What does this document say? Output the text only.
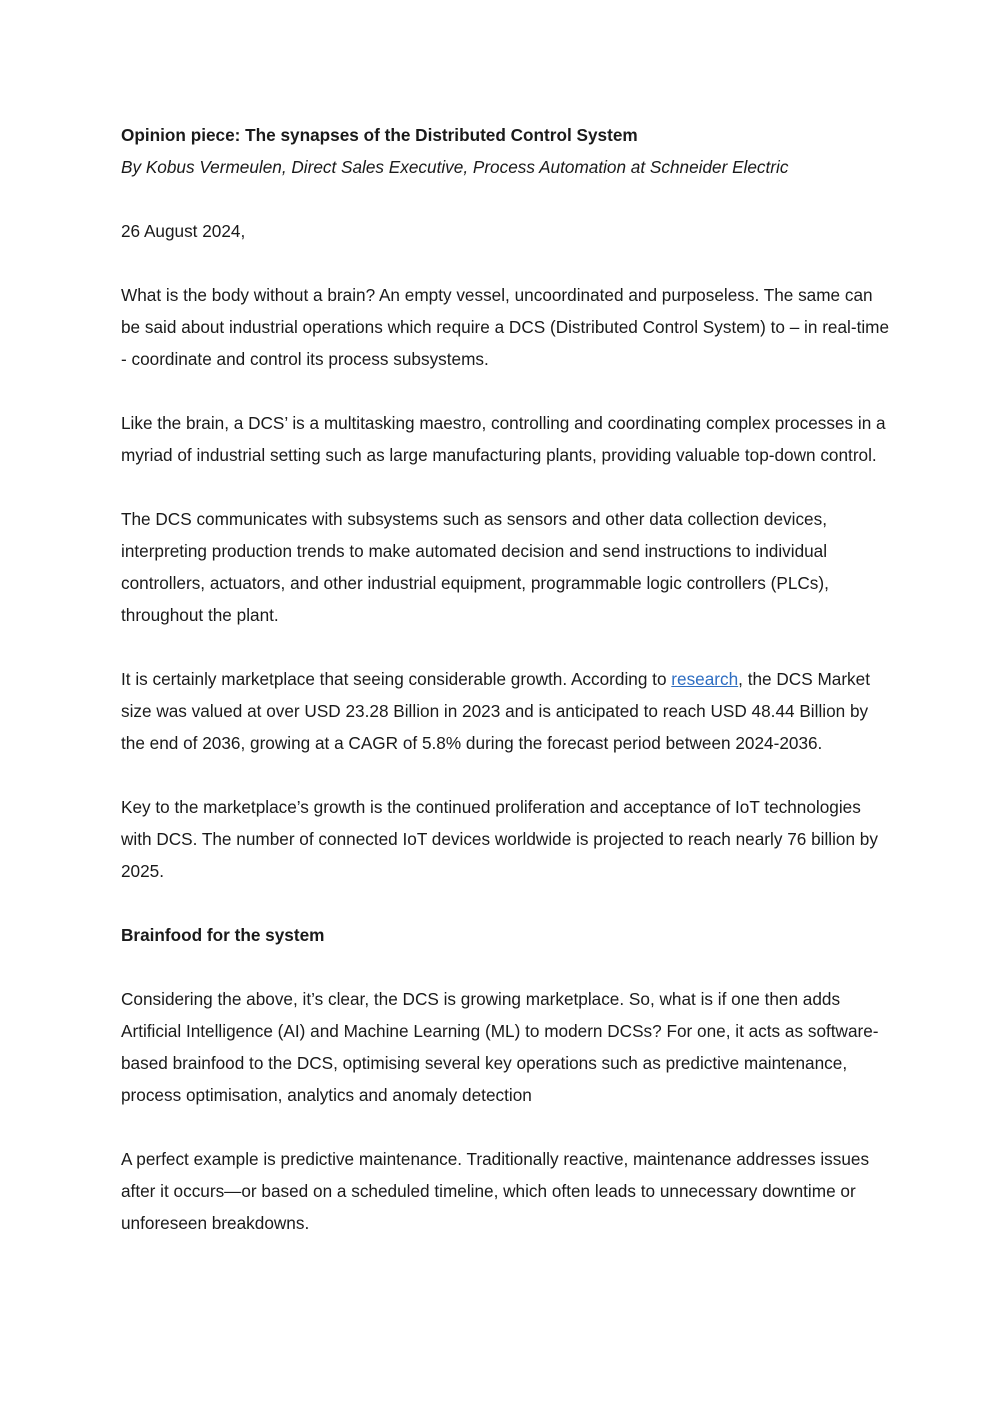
Opinion piece: The synapses of the Distributed Control System
By Kobus Vermeulen, Direct Sales Executive, Process Automation at Schneider Electric
26 August 2024,

What is the body without a brain? An empty vessel, uncoordinated and purposeless. The same can be said about industrial operations which require a DCS (Distributed Control System) to – in real-time - coordinate and control its process subsystems.

Like the brain, a DCS’ is a multitasking maestro, controlling and coordinating complex processes in a myriad of industrial setting such as large manufacturing plants, providing valuable top-down control.

The DCS communicates with subsystems such as sensors and other data collection devices, interpreting production trends to make automated decision and send instructions to individual controllers, actuators, and other industrial equipment, programmable logic controllers (PLCs), throughout the plant.

It is certainly marketplace that seeing considerable growth. According to research, the DCS Market size was valued at over USD 23.28 Billion in 2023 and is anticipated to reach USD 48.44 Billion by the end of 2036, growing at a CAGR of 5.8% during the forecast period between 2024-2036.

Key to the marketplace’s growth is the continued proliferation and acceptance of IoT technologies with DCS. The number of connected IoT devices worldwide is projected to reach nearly 76 billion by 2025.

Brainfood for the system

Considering the above, it’s clear, the DCS is growing marketplace. So, what is if one then adds Artificial Intelligence (AI) and Machine Learning (ML) to modern DCSs? For one, it acts as software-based brainfood to the DCS, optimising several key operations such as predictive maintenance, process optimisation, analytics and anomaly detection

A perfect example is predictive maintenance. Traditionally reactive, maintenance addresses issues after it occurs—or based on a scheduled timeline, which often leads to unnecessary downtime or unforeseen breakdowns.
